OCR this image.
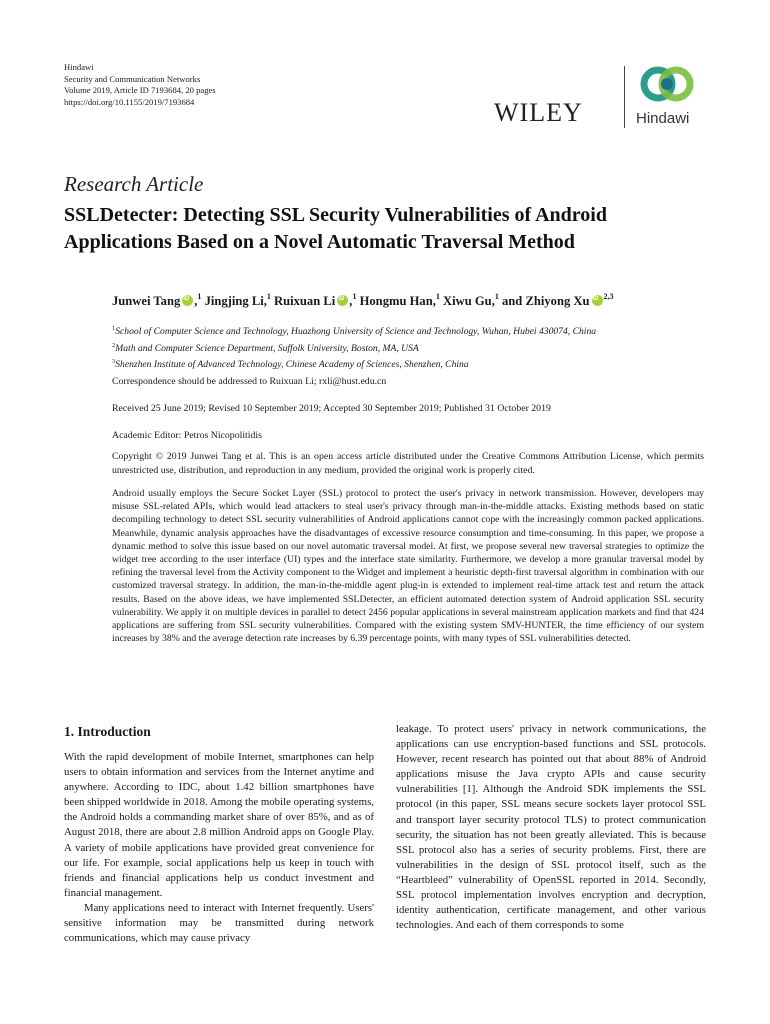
Hindawi
Security and Communication Networks
Volume 2019, Article ID 7193684, 20 pages
https://doi.org/10.1155/2019/7193684	WILEY	Hindawi
Research Article
SSLDetecter: Detecting SSL Security Vulnerabilities of Android
Applications Based on a Novel Automatic Traversal Method
Junwei Tang iD ,$^1$ Jingjing Li,$^1$ Ruixuan Li iD ,$^1$ Hongmu Han,$^1$ Xiwu Gu,$^1$ and Zhiyong Xu iD $^{2,3}$
$^1$School of Computer Science and Technology, Huazhong University of Science and Technology, Wuhan, Hubei 430074, China
$^2$Math and Computer Science Department, Suffolk University, Boston, MA, USA
$^3$Shenzhen Institute of Advanced Technology, Chinese Academy of Sciences, Shenzhen, China
Correspondence should be addressed to Ruixuan Li; rxli@hust.edu.cn
Received 25 June 2019; Revised 10 September 2019; Accepted 30 September 2019; Published 31 October 2019
Academic Editor: Petros Nicopolitidis
Copyright © 2019 Junwei Tang et al. This is an open access article distributed under the Creative Commons Attribution License, which permits unrestricted use, distribution, and reproduction in any medium, provided the original work is properly cited.
Android usually employs the Secure Socket Layer (SSL) protocol to protect the user's privacy in network transmission. However, developers may misuse SSL-related APIs, which would lead attackers to steal user's privacy through man-in-the-middle attacks. Existing methods based on static decompiling technology to detect SSL security vulnerabilities of Android applications cannot cope with the increasingly common packed applications. Meanwhile, dynamic analysis approaches have the disadvantages of excessive resource consumption and time-consuming. In this paper, we propose a dynamic method to solve this issue based on our novel automatic traversal model. At first, we propose several new traversal strategies to optimize the widget tree according to the user interface (UI) types and the interface state similarity. Furthermore, we develop a more granular traversal model by refining the traversal level from the Activity component to the Widget and implement a heuristic depth-first traversal algorithm in combination with our customized traversal strategy. In addition, the man-in-the-middle agent plug-in is extended to implement real-time attack test and return the attack results. Based on the above ideas, we have implemented SSLDetecter, an efficient automated detection system of Android application SSL security vulnerability. We apply it on multiple devices in parallel to detect 2456 popular applications in several mainstream application markets and find that 424 applications are suffering from SSL security vulnerabilities. Compared with the existing system SMV-HUNTER, the time efficiency of our system increases by 38% and the average detection rate increases by 6.39 percentage points, with many types of SSL vulnerabilities detected.
1. Introduction

With the rapid development of mobile Internet, smartphones can help users to obtain information and services from the Internet anytime and anywhere. According to IDC, about 1.42 billion smartphones have been shipped worldwide in 2018. Among the mobile operating systems, the Android holds a commanding market share of over 85%, and as of August 2018, there are about 2.8 million Android apps on Google Play. A variety of mobile applications have provided great convenience for our life. For example, social applications help us keep in touch with friends and financial applications help us conduct investment and financial management.

Many applications need to interact with Internet frequently. Users' sensitive information may be transmitted during network communications, which may cause privacy

leakage. To protect users' privacy in network communications, the applications can use encryption-based functions and SSL protocols. However, recent research has pointed out that about 88% of Android applications misuse the Java crypto APIs and cause security vulnerabilities [1]. Although the Android SDK implements the SSL protocol (in this paper, SSL means secure sockets layer protocol SSL and transport layer security protocol TLS) to protect communication security, the situation has not been greatly alleviated. This is because SSL protocol also has a series of security problems. First, there are vulnerabilities in the design of SSL protocol itself, such as the “Heartbleed” vulnerability of OpenSSL reported in 2014. Secondly, SSL protocol implementation involves encryption and decryption, identity authentication, certificate management, and other various technologies. And each of them corresponds to some
